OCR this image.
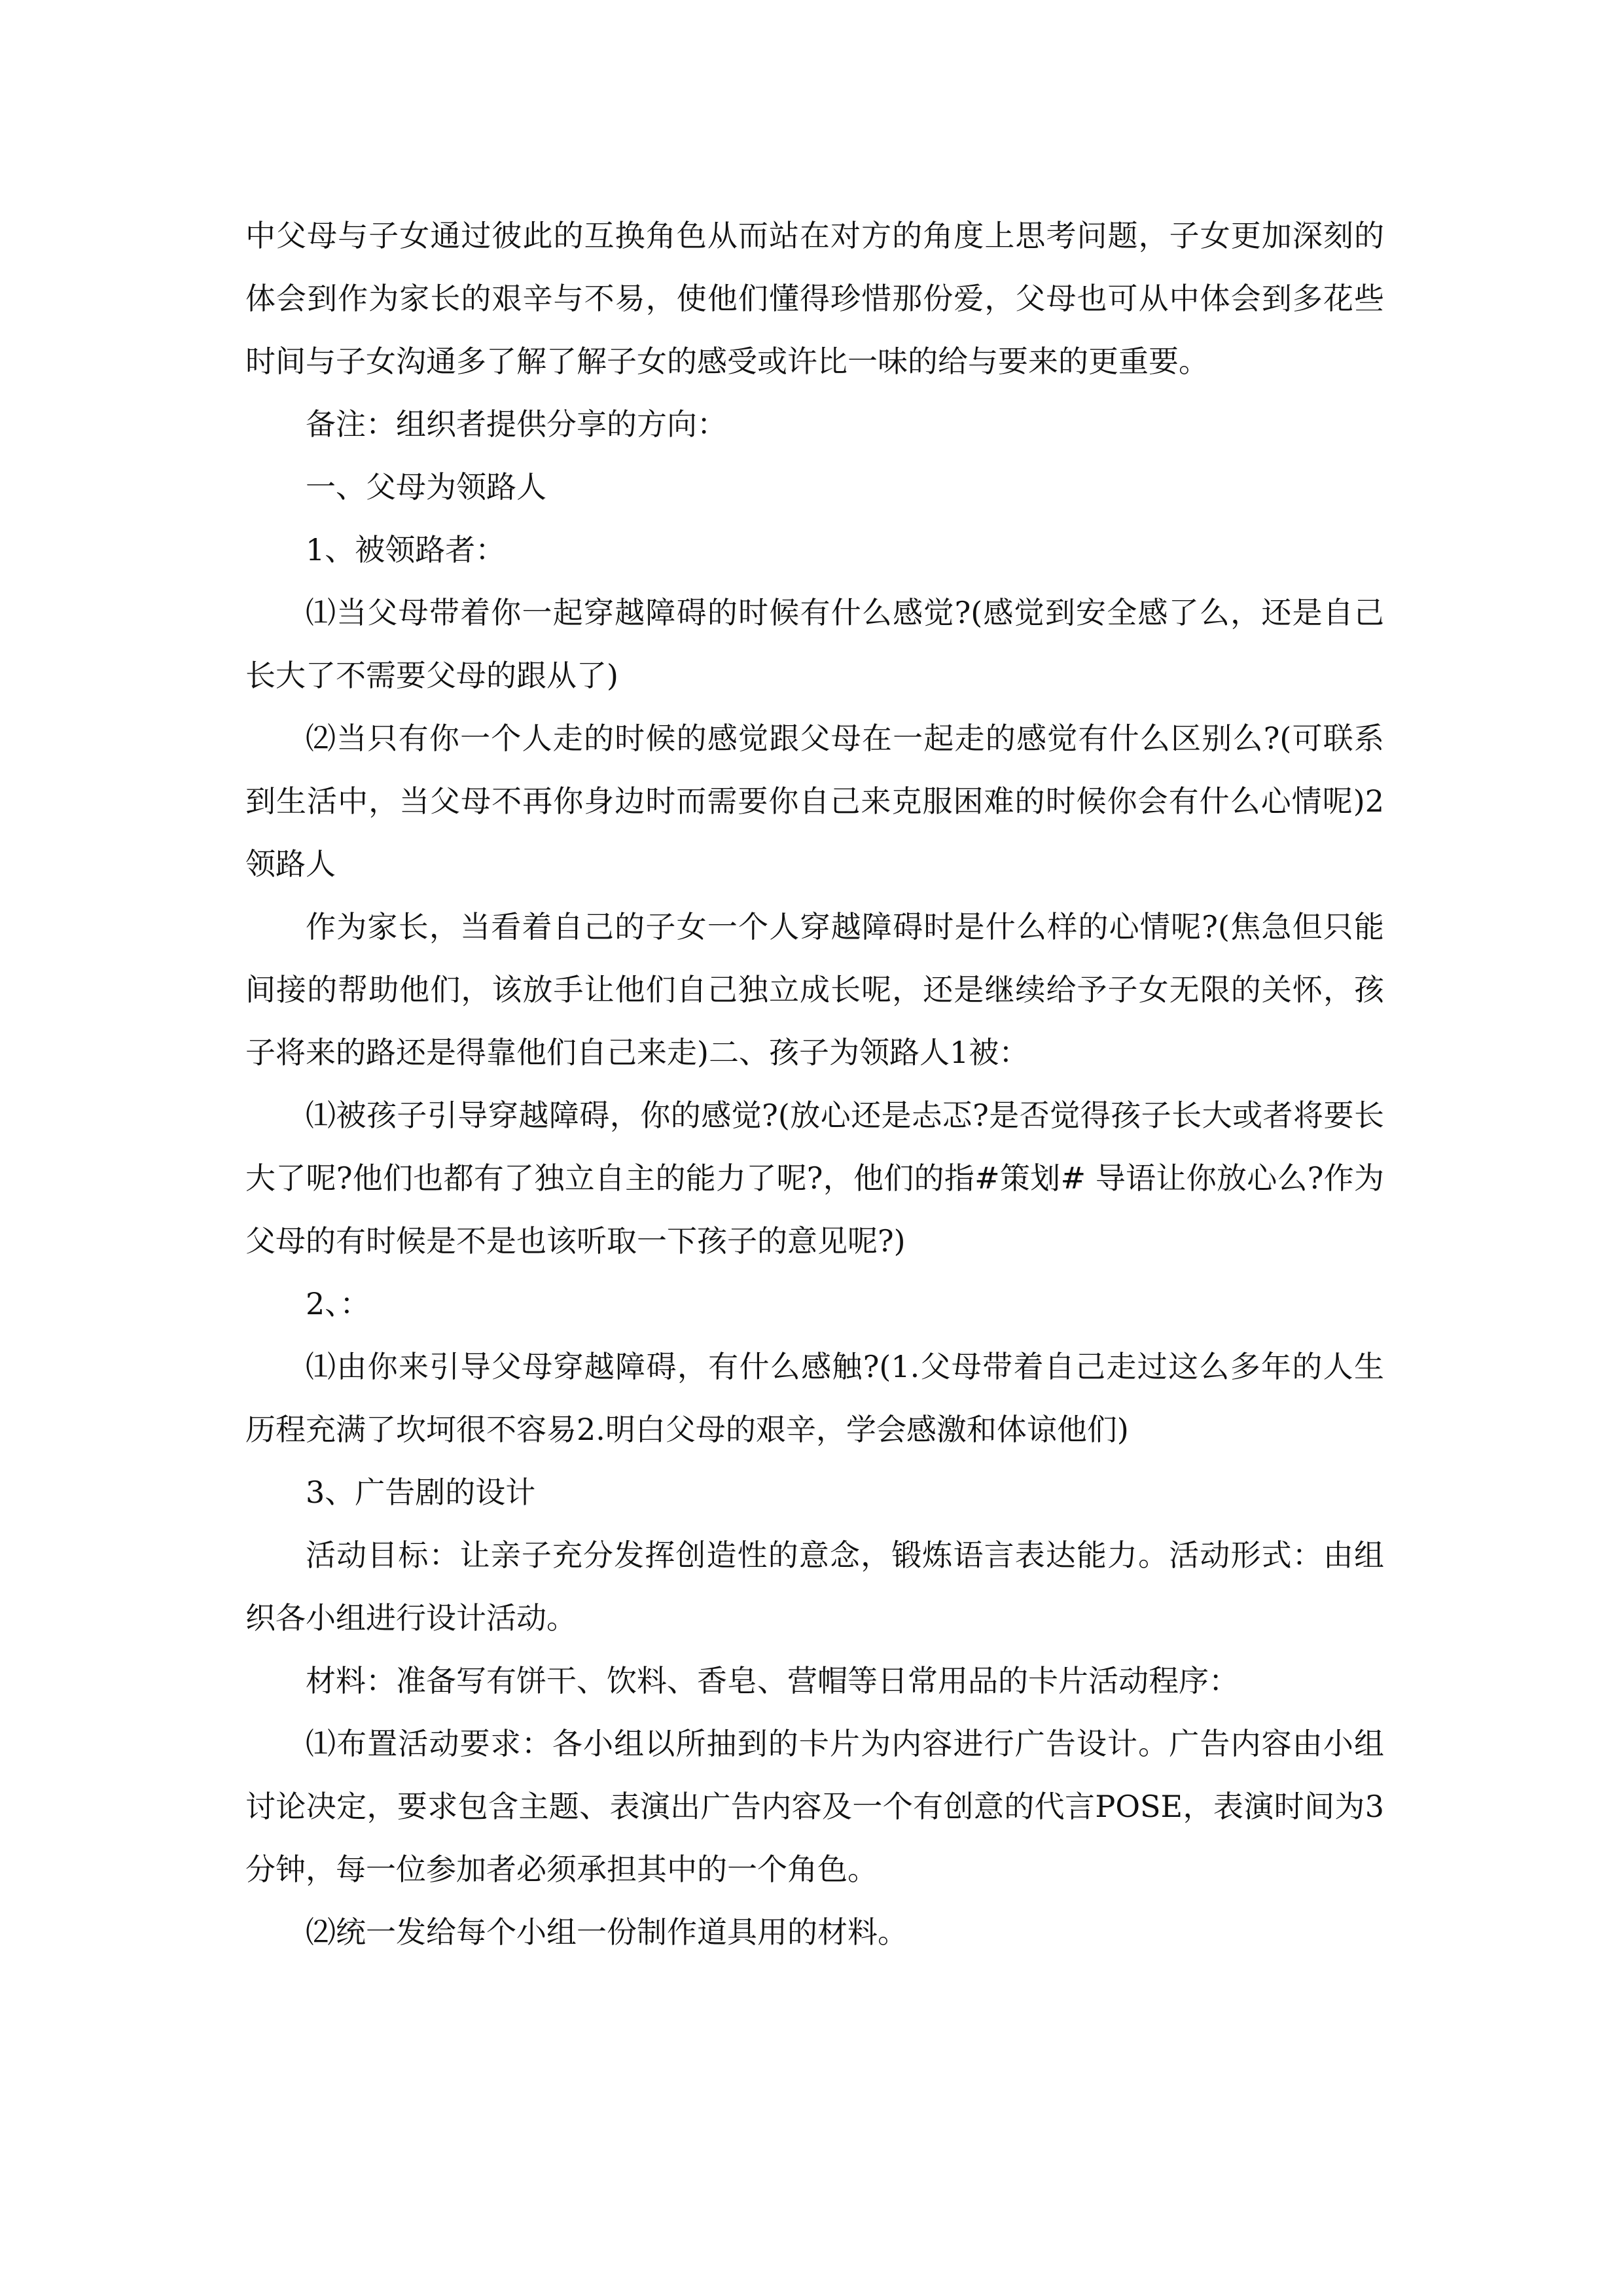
中父母与子女通过彼此的互换角色从而站在对方的角度上思考问题，子女更加深刻的体会到作为家长的艰辛与不易，使他们懂得珍惜那份爱，父母也可从中体会到多花些时间与子女沟通多了解了解子女的感受或许比一味的给与要来的更重要。

备注：组织者提供分享的方向：

一、父母为领路人

1、被领路者：

⑴当父母带着你一起穿越障碍的时候有什么感觉?(感觉到安全感了么，还是自己长大了不需要父母的跟从了)

⑵当只有你一个人走的时候的感觉跟父母在一起走的感觉有什么区别么?(可联系到生活中，当父母不再你身边时而需要你自己来克服困难的时候你会有什么心情呢)2领路人

作为家长，当看着自己的子女一个人穿越障碍时是什么样的心情呢?(焦急但只能间接的帮助他们，该放手让他们自己独立成长呢，还是继续给予子女无限的关怀，孩子将来的路还是得靠他们自己来走)二、孩子为领路人1被：

⑴被孩子引导穿越障碍，你的感觉?(放心还是忐忑?是否觉得孩子长大或者将要长大了呢?他们也都有了独立自主的能力了呢?，他们的指#策划# 导语让你放心么?作为父母的有时候是不是也该听取一下孩子的意见呢?)

2、：

⑴由你来引导父母穿越障碍，有什么感触?(1.父母带着自己走过这么多年的人生历程充满了坎坷很不容易2.明白父母的艰辛，学会感激和体谅他们)

3、广告剧的设计

活动目标：让亲子充分发挥创造性的意念，锻炼语言表达能力。活动形式：由组织各小组进行设计活动。

材料：准备写有饼干、饮料、香皂、营帽等日常用品的卡片活动程序：

⑴布置活动要求：各小组以所抽到的卡片为内容进行广告设计。广告内容由小组讨论决定，要求包含主题、表演出广告内容及一个有创意的代言POSE，表演时间为3分钟，每一位参加者必须承担其中的一个角色。

⑵统一发给每个小组一份制作道具用的材料。
